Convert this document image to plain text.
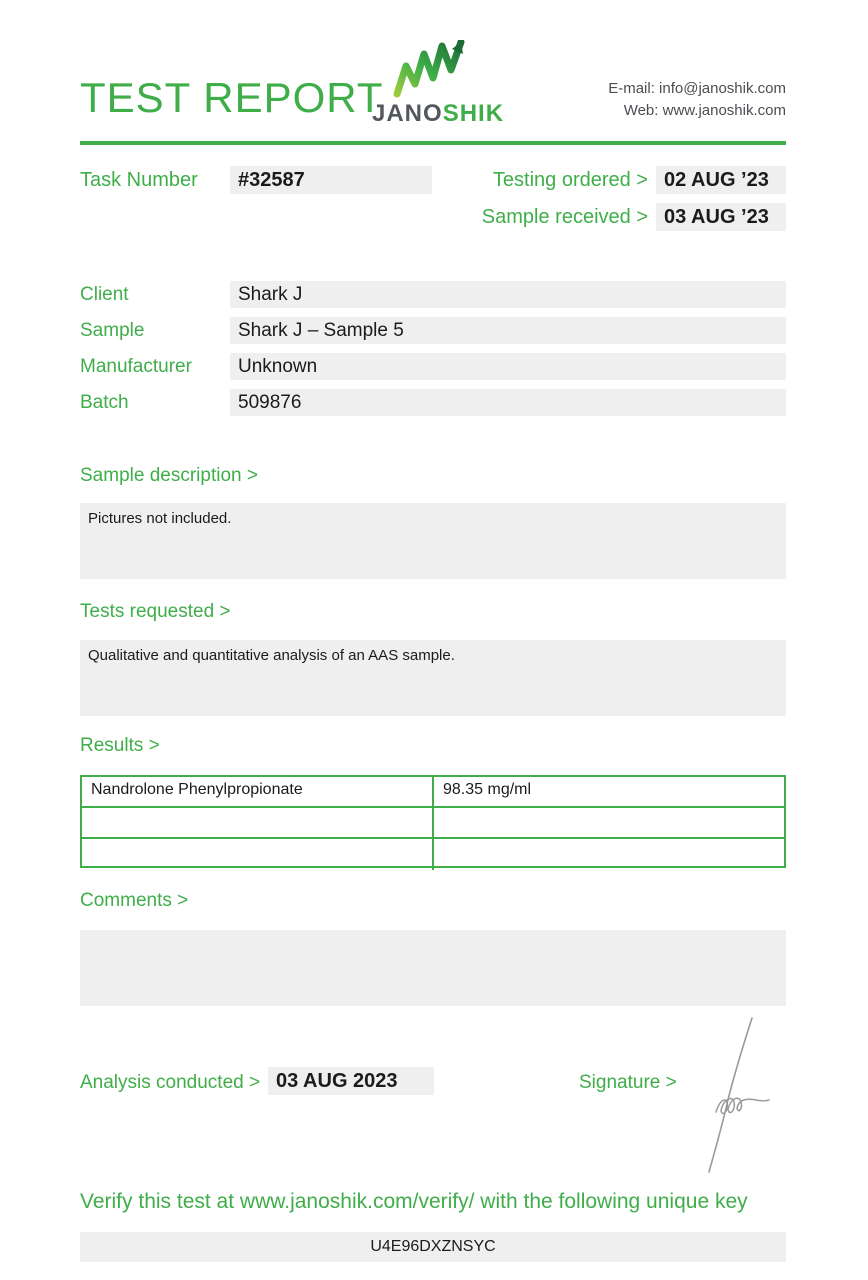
TEST REPORT
JANOSHIK
E-mail: info@janoshik.com
Web: www.janoshik.com
Task Number	#32587	Testing ordered > 02 AUG ’23
Sample received > 03 AUG ’23
Client	Shark J
Sample	Shark J – Sample 5
Manufacturer	Unknown
Batch	509876
Sample description >
Pictures not included.
Tests requested >
Qualitative and quantitative analysis of an AAS sample.
Results >
Nandrolone Phenylpropionate	98.35 mg/ml
Comments >
Analysis conducted > 03 AUG 2023	Signature >
Verify this test at www.janoshik.com/verify/ with the following unique key
U4E96DXZNSYC
